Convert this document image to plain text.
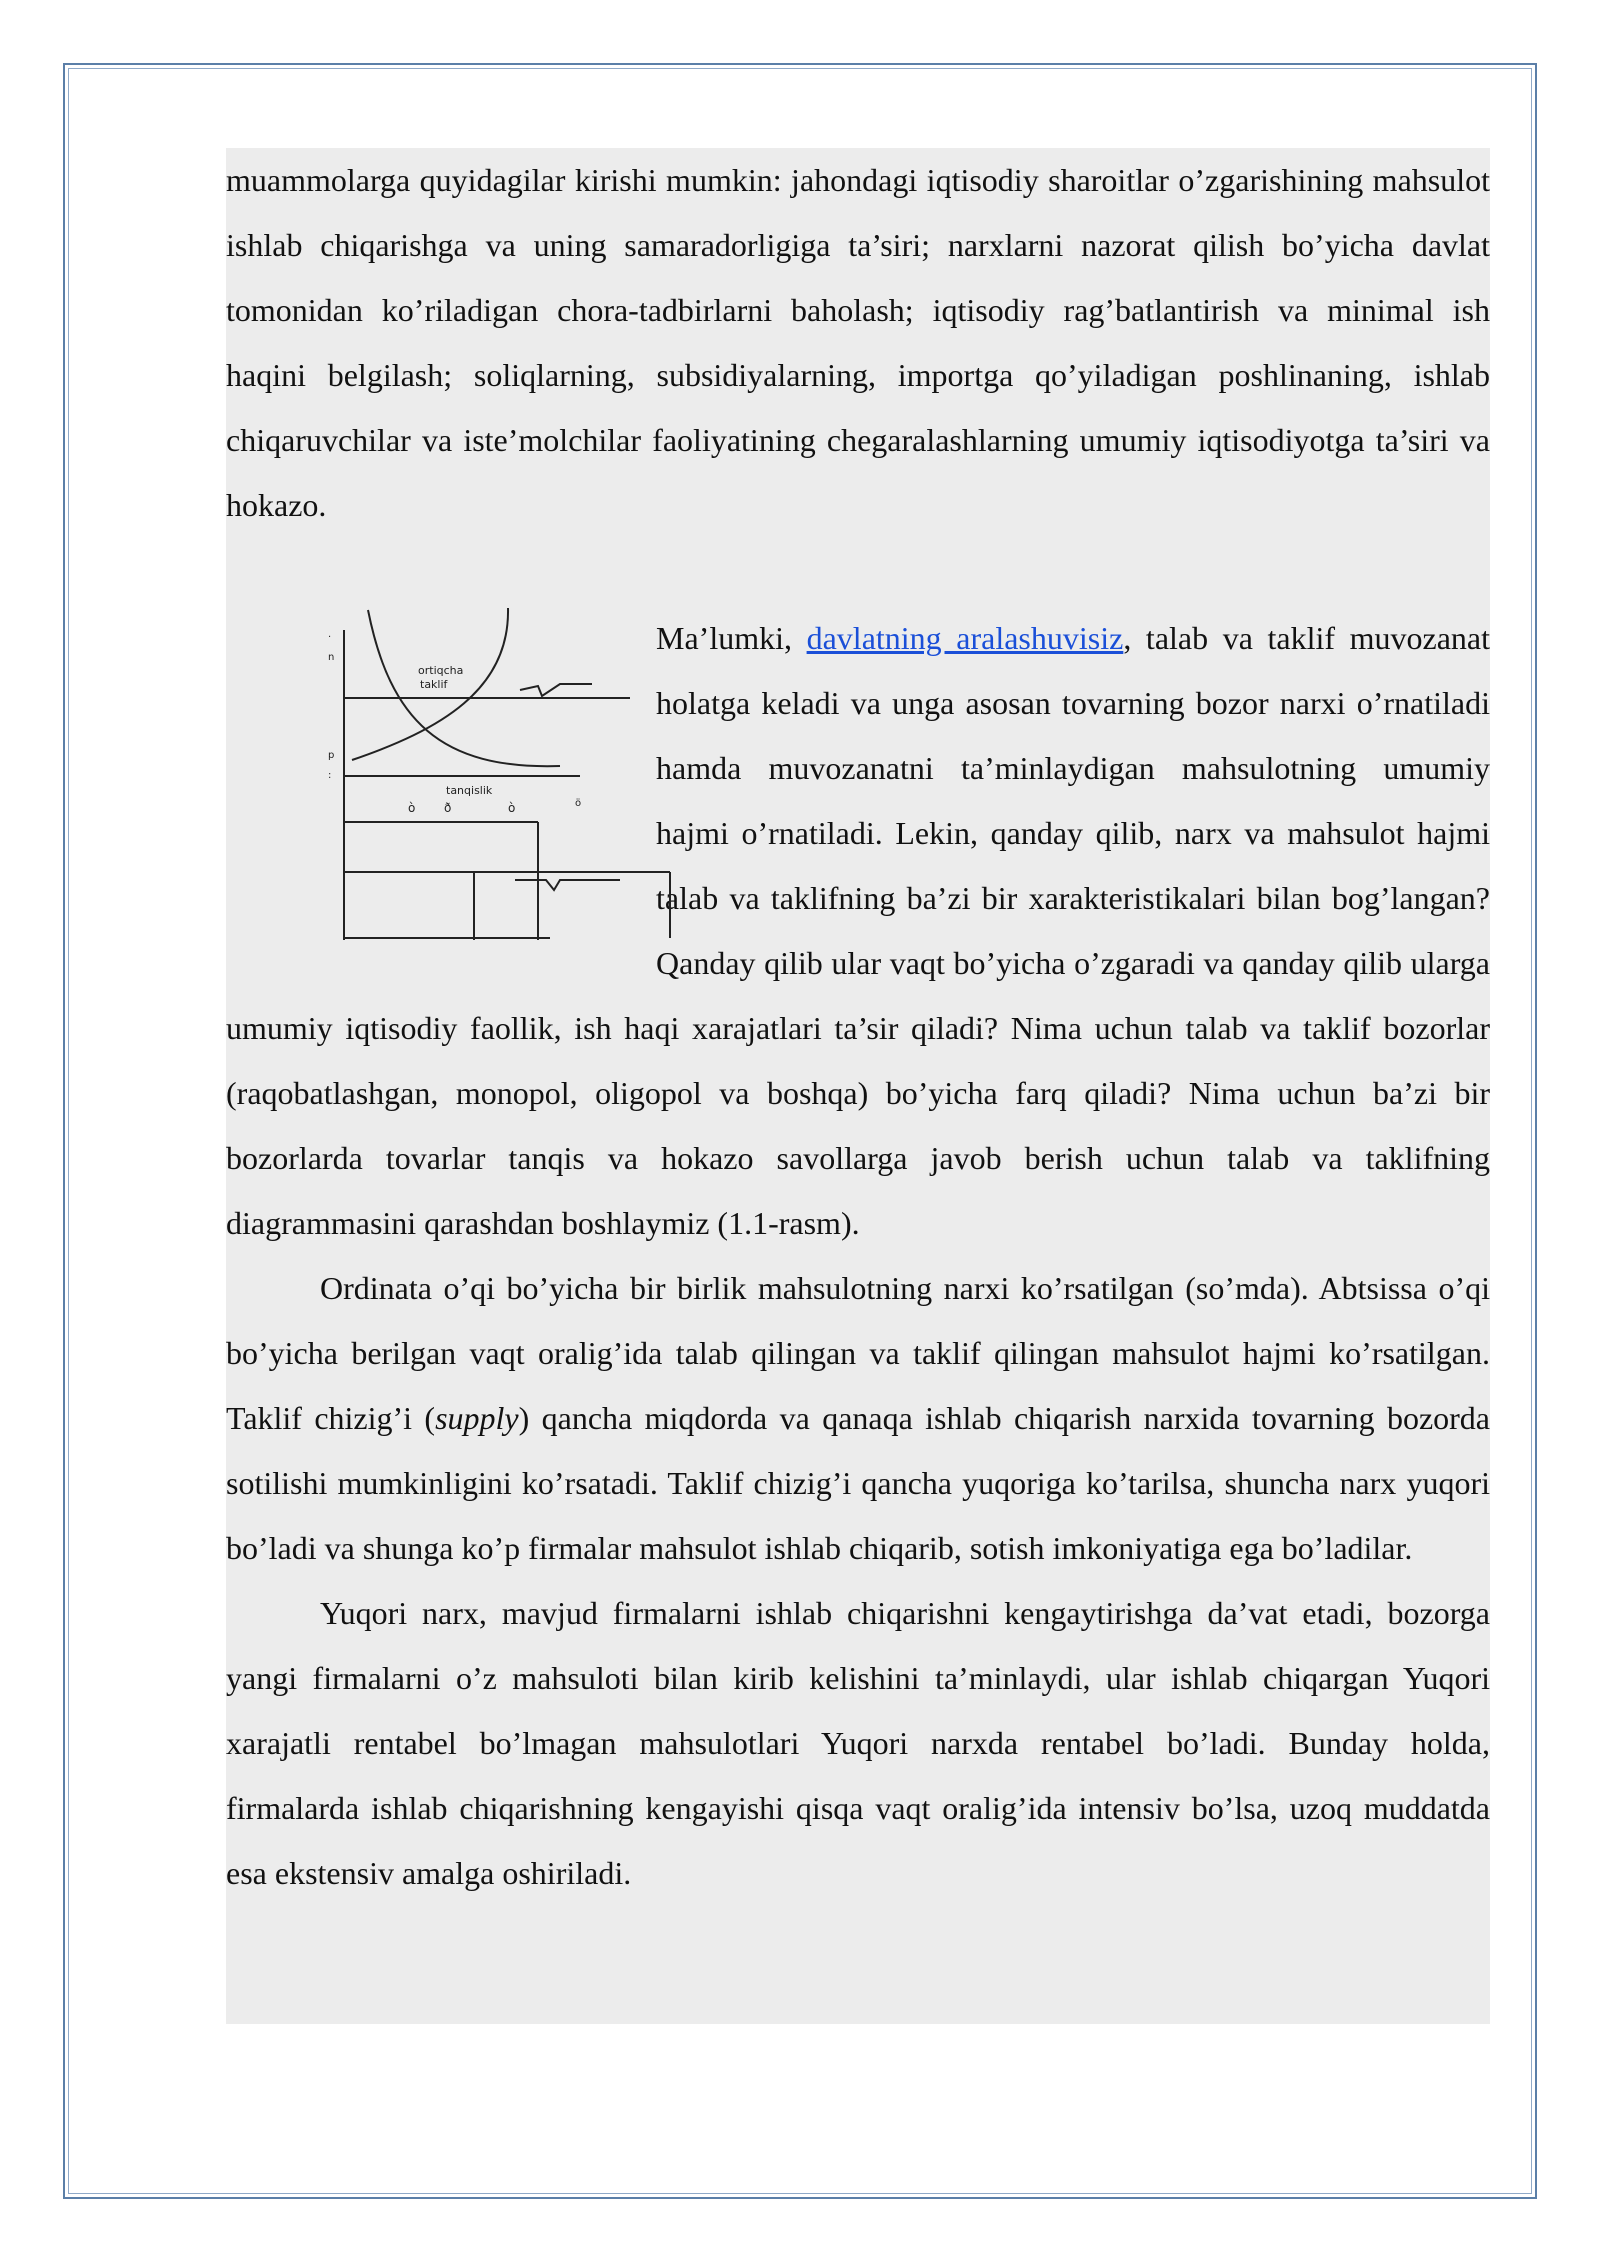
muammolarga quyidagilar kirishi mumkin: jahondagi iqtisodiy sharoitlar o’zgarishining mahsulot ishlab chiqarishga va uning samaradorligiga ta’siri; narxlarni nazorat qilish bo’yicha davlat tomonidan ko’riladigan chora-tadbirlarni baholash; iqtisodiy rag’batlantirish va minimal ish haqini belgilash; soliqlarning, subsidiyalarning, importga qo’yiladigan poshlinaning, ishlab chiqaruvchilar va iste’molchilar faoliyatining chegaralashlarning umumiy iqtisodiyotga ta’siri va hokazo.

Ma’lumki, davlatning aralashuvisiz, talab va taklif muvozanat holatga keladi va unga asosan tovarning bozor narxi o’rnatiladi hamda muvozanatni ta’minlaydigan mahsulotning umumiy hajmi o’rnatiladi. Lekin, qanday qilib, narx va mahsulot hajmi talab va taklifning ba’zi bir xarakteristikalari bilan bog’langan? Qanday qilib ular vaqt bo’yicha o’zgaradi va qanday qilib ularga umumiy iqtisodiy faollik, ish haqi xarajatlari ta’sir qiladi? Nima uchun talab va taklif bozorlar (raqobatlashgan, monopol, oligopol va boshqa) bo’yicha farq qiladi? Nima uchun ba’zi bir bozorlarda tovarlar tanqis va hokazo savollarga javob berish uchun talab va taklifning diagrammasini qarashdan boshlaymiz (1.1-rasm).

Ordinata o’qi bo’yicha bir birlik mahsulotning narxi ko’rsatilgan (so’mda). Abtsissa o’qi bo’yicha berilgan vaqt oralig’ida talab qilingan va taklif qilingan mahsulot hajmi ko’rsatilgan. Taklif chizig’i (supply) qancha miqdorda va qanaqa ishlab chiqarish narxida tovarning bozorda sotilishi mumkinligini ko’rsatadi. Taklif chizig’i qancha yuqoriga ko’tarilsa, shuncha narx yuqori bo’ladi va shunga ko’p firmalar mahsulot ishlab chiqarib, sotish imkoniyatiga ega bo’ladilar.

Yuqori narx, mavjud firmalarni ishlab chiqarishni kengaytirishga da’vat etadi, bozorga yangi firmalarni o’z mahsuloti bilan kirib kelishini ta’minlaydi, ular ishlab chiqargan Yuqori xarajatli rentabel bo’lmagan mahsulotlari Yuqori narxda rentabel bo’ladi. Bunday holda, firmalarda ishlab chiqarishning kengayishi qisqa vaqt oralig’ida intensiv bo’lsa, uzoq muddatda esa ekstensiv amalga oshiriladi.

ortiqcha
taklif
tanqislik
·
n
p
:
ò ð	ò	ö
